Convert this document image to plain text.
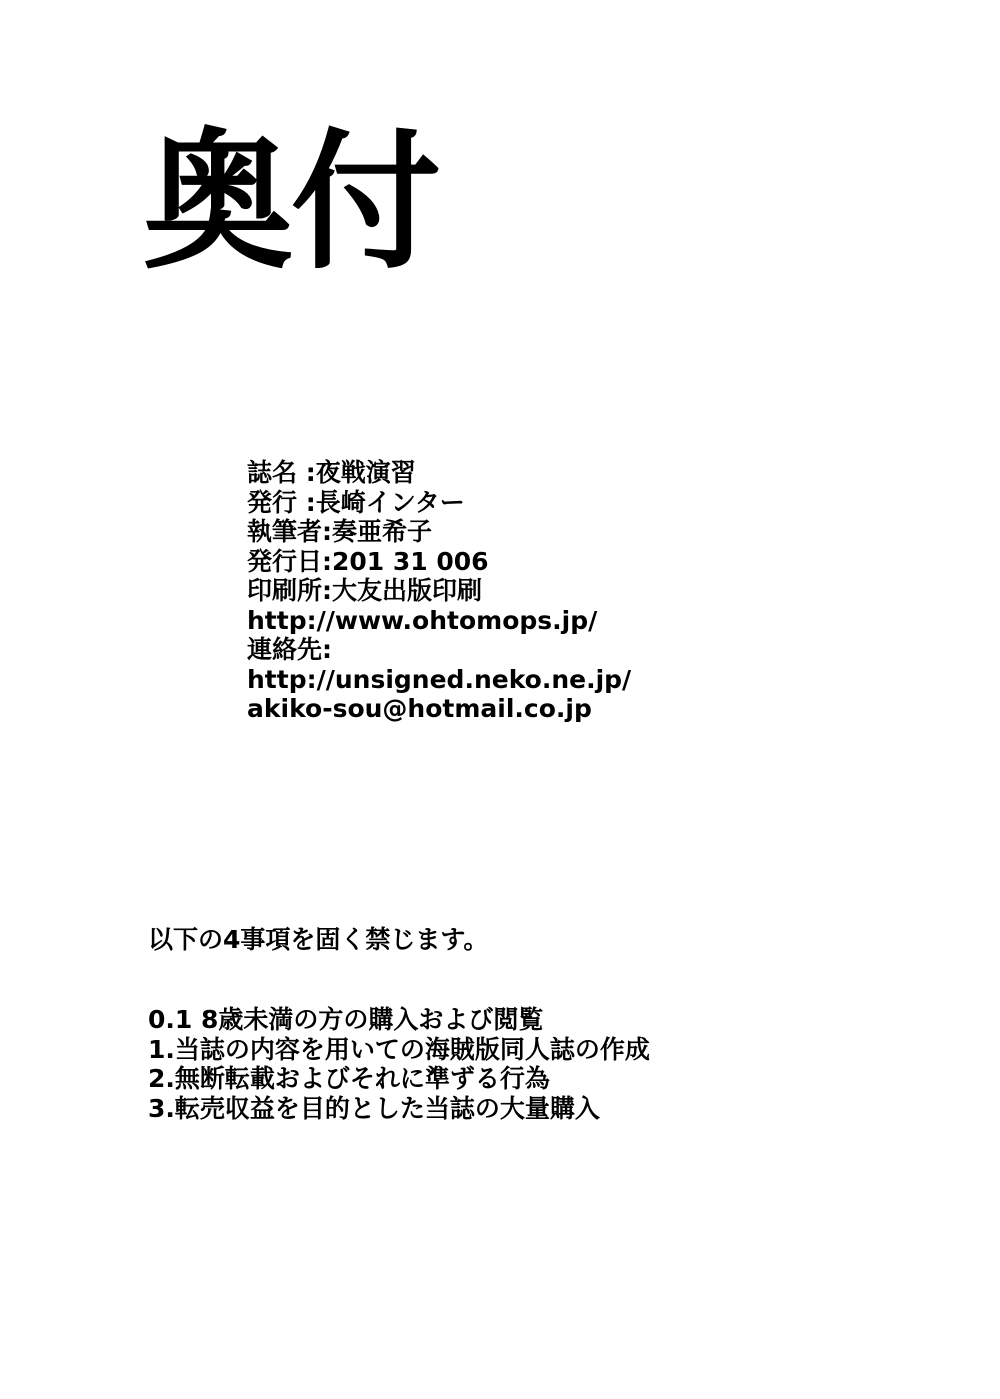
奥付
誌名 :夜戦演習
発行 :長崎インター
執筆者:奏亜希子
発行日:201 31 006
印刷所:大友出版印刷
http://www.ohtomops.jp/
連絡先:
http://unsigned.neko.ne.jp/
akiko-sou@hotmail.co.jp
以下の4事項を固く禁じます。
0.1 8歳未満の方の購入および閲覧
1.当誌の内容を用いての海賊版同人誌の作成
2.無断転載およびそれに準ずる行為
3.転売収益を目的とした当誌の大量購入
